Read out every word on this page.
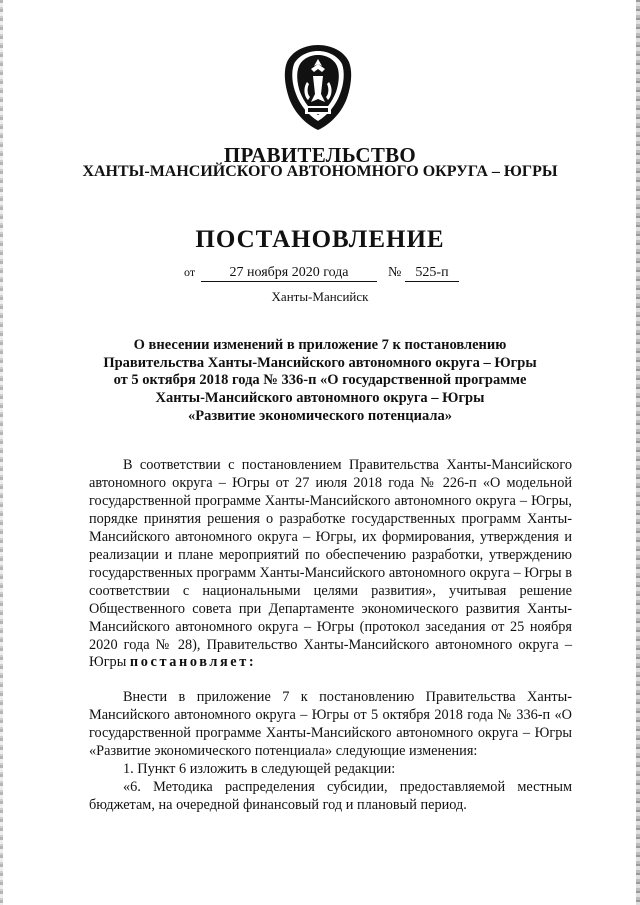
ПРАВИТЕЛЬСТВО
ХАНТЫ-МАНСИЙСКОГО АВТОНОМНОГО ОКРУГА – ЮГРЫ
ПОСТАНОВЛЕНИЕ
от	27 ноября 2020 года	№	525-п
Ханты-Мансийск
О внесении изменений в приложение 7 к постановлению
Правительства Ханты-Мансийского автономного округа – Югры
от 5 октября 2018 года № 336-п «О государственной программе
Ханты-Мансийского автономного округа – Югры
«Развитие экономического потенциала»

В соответствии с постановлением Правительства Ханты-Мансийского автономного округа – Югры от 27 июля 2018 года № 226-п «О модельной государственной программе Ханты-Мансийского автономного округа – Югры, порядке принятия решения о разработке государственных программ Ханты-Мансийского автономного округа – Югры, их формирования, утверждения и реализации и плане мероприятий по обеспечению разработки, утверждению государственных программ Ханты-Мансийского автономного округа – Югры в соответствии с национальными целями развития», учитывая решение Общественного совета при Департаменте экономического развития Ханты-Мансийского автономного округа – Югры (протокол заседания от 25 ноября 2020 года № 28), Правительство Ханты-Мансийского автономного округа – Югры постановляет:

Внести в приложение 7 к постановлению Правительства Ханты-Мансийского автономного округа – Югры от 5 октября 2018 года № 336-п «О государственной программе Ханты-Мансийского автономного округа – Югры «Развитие экономического потенциала» следующие изменения:

1. Пункт 6 изложить в следующей редакции:

«6. Методика распределения субсидии, предоставляемой местным бюджетам, на очередной финансовый год и плановый период.
